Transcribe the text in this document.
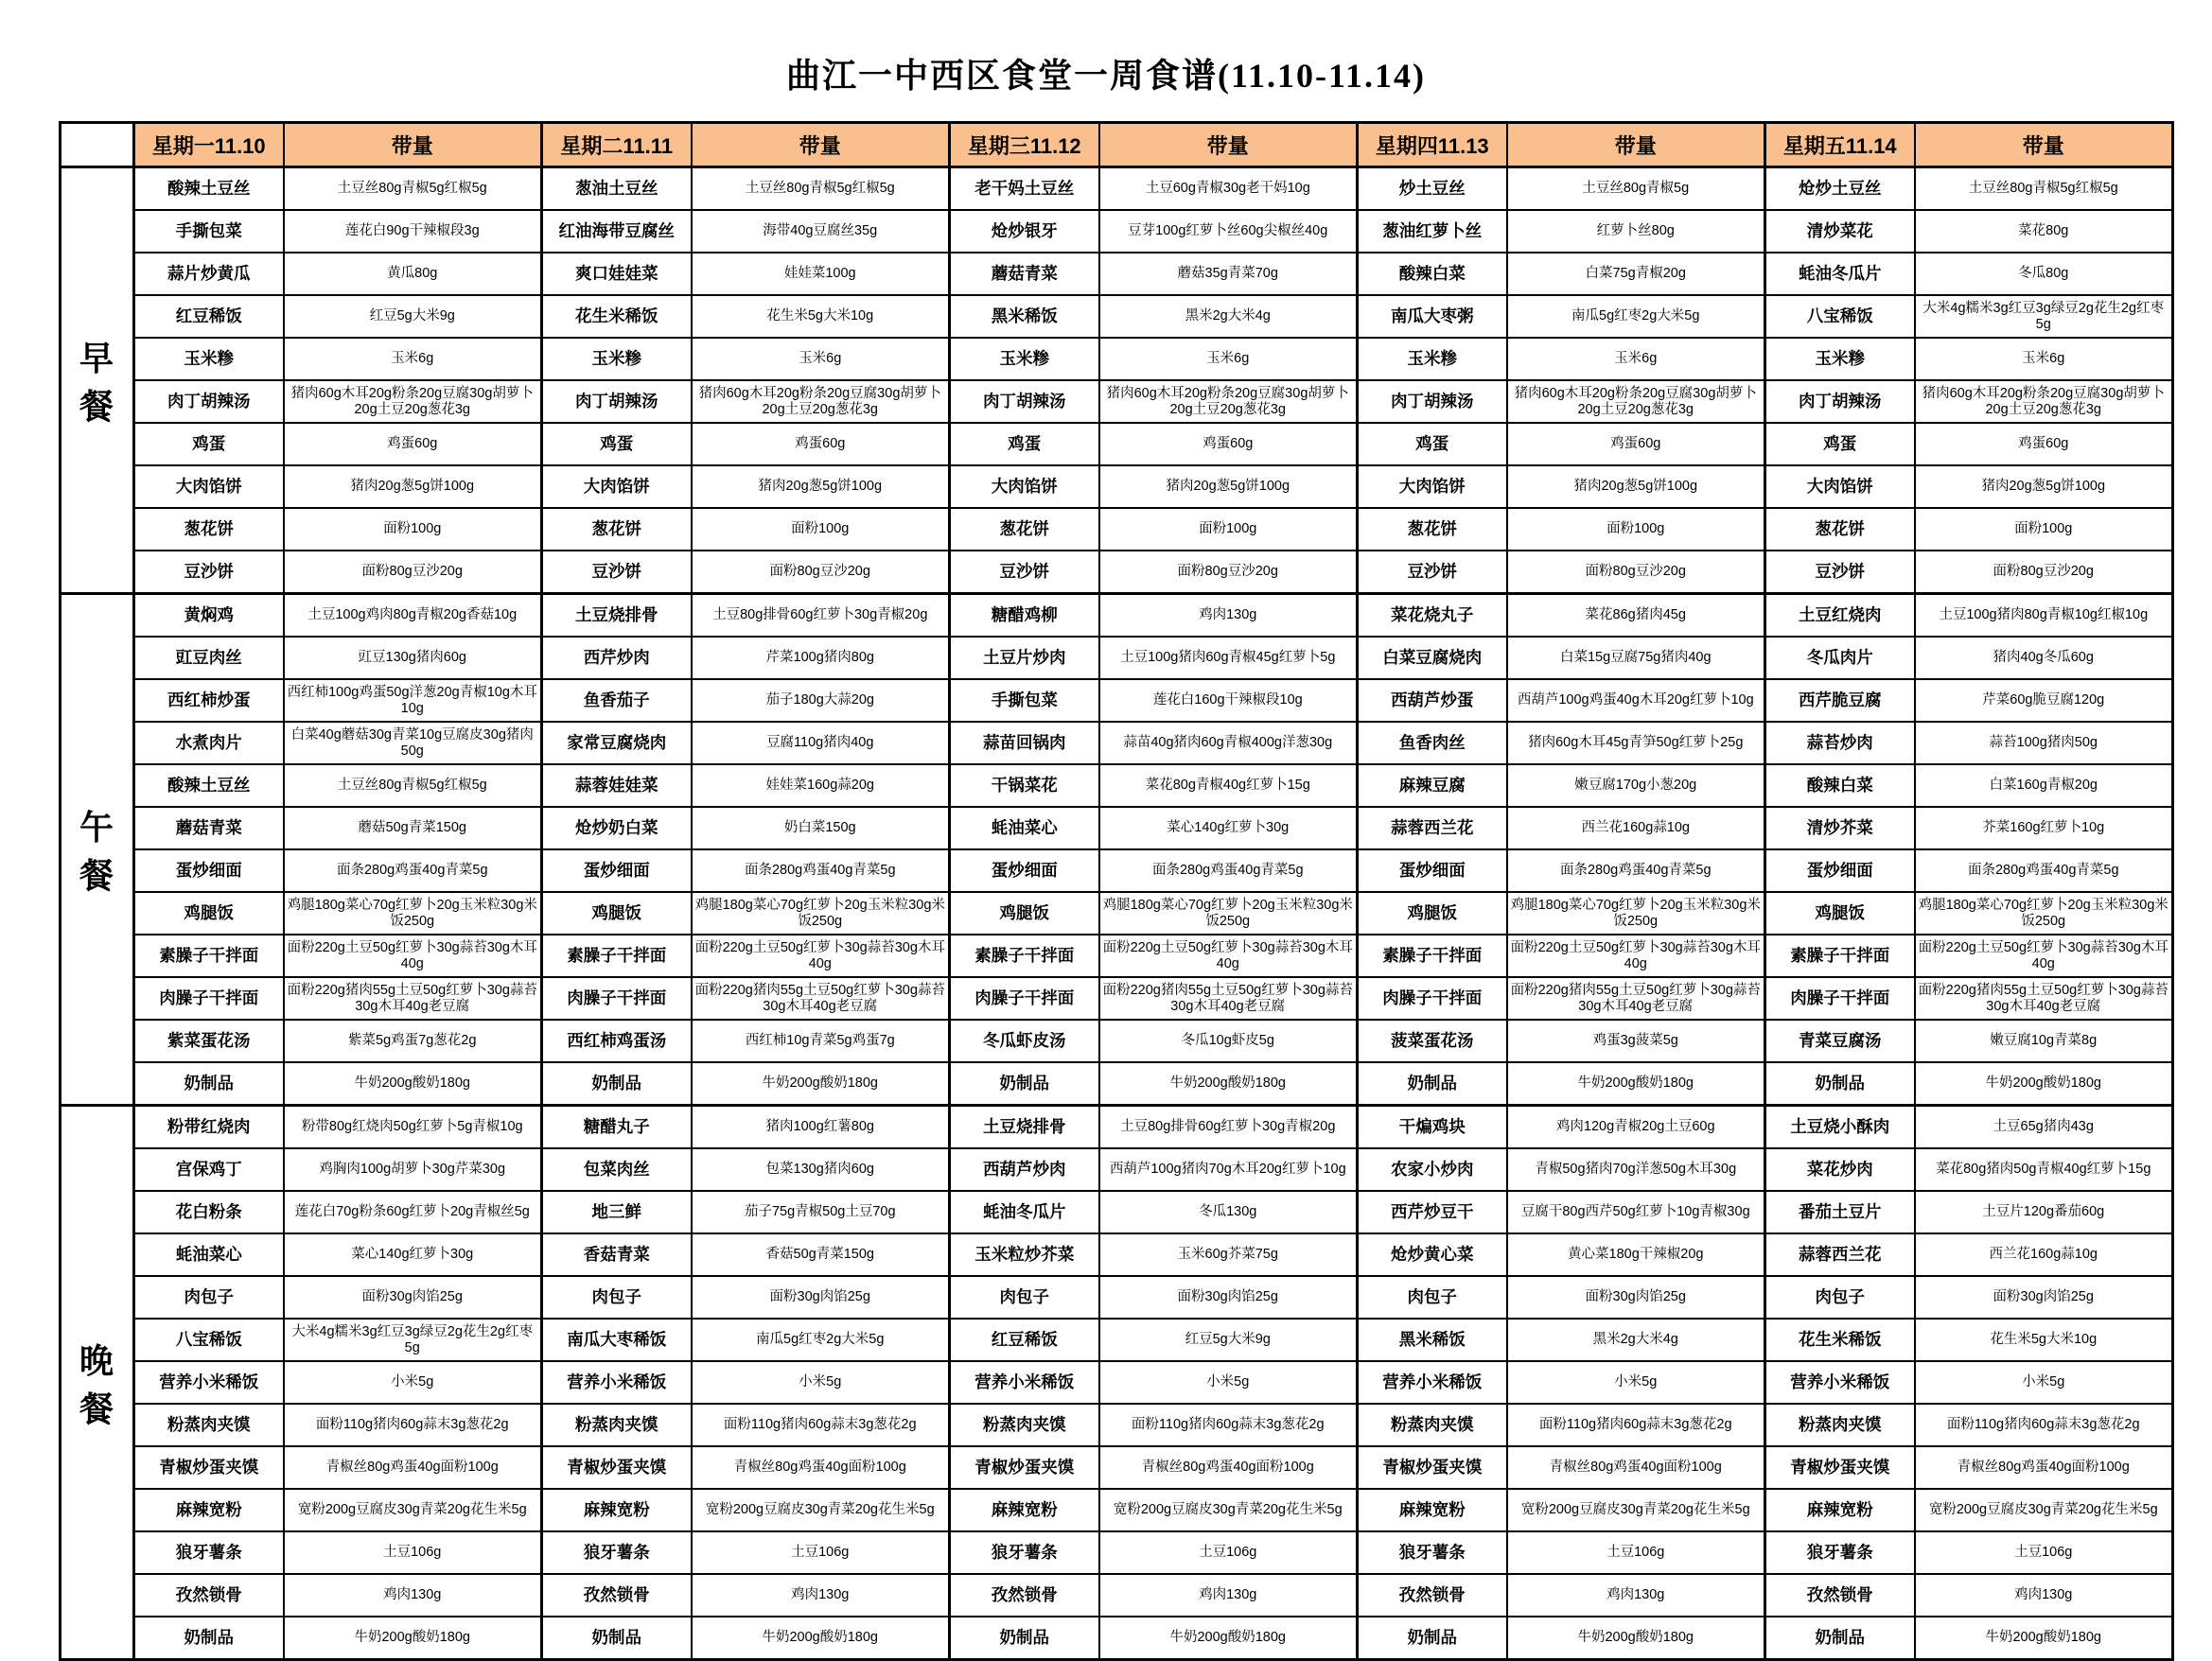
曲江一中西区食堂一周食谱(11.10-11.14)
	星期一11.10	带量	星期二11.11	带量	星期三11.12	带量	星期四11.13	带量	星期五11.14	带量
早餐	酸辣土豆丝	土豆丝80g青椒5g红椒5g	葱油土豆丝	土豆丝80g青椒5g红椒5g	老干妈土豆丝	土豆60g青椒30g老干妈10g	炒土豆丝	土豆丝80g青椒5g	炝炒土豆丝	土豆丝80g青椒5g红椒5g
	手撕包菜	莲花白90g干辣椒段3g	红油海带豆腐丝	海带40g豆腐丝35g	炝炒银牙	豆芽100g红萝卜丝60g尖椒丝40g	葱油红萝卜丝	红萝卜丝80g	清炒菜花	菜花80g
	蒜片炒黄瓜	黄瓜80g	爽口娃娃菜	娃娃菜100g	蘑菇青菜	蘑菇35g青菜70g	酸辣白菜	白菜75g青椒20g	蚝油冬瓜片	冬瓜80g
	红豆稀饭	红豆5g大米9g	花生米稀饭	花生米5g大米10g	黑米稀饭	黑米2g大米4g	南瓜大枣粥	南瓜5g红枣2g大米5g	八宝稀饭	大米4g糯米3g红豆3g绿豆2g花生2g红枣5g
	玉米糁	玉米6g	玉米糁	玉米6g	玉米糁	玉米6g	玉米糁	玉米6g	玉米糁	玉米6g
	肉丁胡辣汤	猪肉60g木耳20g粉条20g豆腐30g胡萝卜20g土豆20g葱花3g	肉丁胡辣汤	猪肉60g木耳20g粉条20g豆腐30g胡萝卜20g土豆20g葱花3g	肉丁胡辣汤	猪肉60g木耳20g粉条20g豆腐30g胡萝卜20g土豆20g葱花3g	肉丁胡辣汤	猪肉60g木耳20g粉条20g豆腐30g胡萝卜20g土豆20g葱花3g	肉丁胡辣汤	猪肉60g木耳20g粉条20g豆腐30g胡萝卜20g土豆20g葱花3g
	鸡蛋	鸡蛋60g	鸡蛋	鸡蛋60g	鸡蛋	鸡蛋60g	鸡蛋	鸡蛋60g	鸡蛋	鸡蛋60g
	大肉馅饼	猪肉20g葱5g饼100g	大肉馅饼	猪肉20g葱5g饼100g	大肉馅饼	猪肉20g葱5g饼100g	大肉馅饼	猪肉20g葱5g饼100g	大肉馅饼	猪肉20g葱5g饼100g
	葱花饼	面粉100g	葱花饼	面粉100g	葱花饼	面粉100g	葱花饼	面粉100g	葱花饼	面粉100g
	豆沙饼	面粉80g豆沙20g	豆沙饼	面粉80g豆沙20g	豆沙饼	面粉80g豆沙20g	豆沙饼	面粉80g豆沙20g	豆沙饼	面粉80g豆沙20g
午餐	黄焖鸡	土豆100g鸡肉80g青椒20g香菇10g	土豆烧排骨	土豆80g排骨60g红萝卜30g青椒20g	糖醋鸡柳	鸡肉130g	菜花烧丸子	菜花86g猪肉45g	土豆红烧肉	土豆100g猪肉80g青椒10g红椒10g
	豇豆肉丝	豇豆130g猪肉60g	西芹炒肉	芹菜100g猪肉80g	土豆片炒肉	土豆100g猪肉60g青椒45g红萝卜5g	白菜豆腐烧肉	白菜15g豆腐75g猪肉40g	冬瓜肉片	猪肉40g冬瓜60g
	西红柿炒蛋	西红柿100g鸡蛋50g洋葱20g青椒10g木耳10g	鱼香茄子	茄子180g大蒜20g	手撕包菜	莲花白160g干辣椒段10g	西葫芦炒蛋	西葫芦100g鸡蛋40g木耳20g红萝卜10g	西芹脆豆腐	芹菜60g脆豆腐120g
	水煮肉片	白菜40g蘑菇30g青菜10g豆腐皮30g猪肉50g	家常豆腐烧肉	豆腐110g猪肉40g	蒜苗回锅肉	蒜苗40g猪肉60g青椒400g洋葱30g	鱼香肉丝	猪肉60g木耳45g青笋50g红萝卜25g	蒜苔炒肉	蒜苔100g猪肉50g
	酸辣土豆丝	土豆丝80g青椒5g红椒5g	蒜蓉娃娃菜	娃娃菜160g蒜20g	干锅菜花	菜花80g青椒40g红萝卜15g	麻辣豆腐	嫩豆腐170g小葱20g	酸辣白菜	白菜160g青椒20g
	蘑菇青菜	蘑菇50g青菜150g	炝炒奶白菜	奶白菜150g	蚝油菜心	菜心140g红萝卜30g	蒜蓉西兰花	西兰花160g蒜10g	清炒芥菜	芥菜160g红萝卜10g
	蛋炒细面	面条280g鸡蛋40g青菜5g	蛋炒细面	面条280g鸡蛋40g青菜5g	蛋炒细面	面条280g鸡蛋40g青菜5g	蛋炒细面	面条280g鸡蛋40g青菜5g	蛋炒细面	面条280g鸡蛋40g青菜5g
	鸡腿饭	鸡腿180g菜心70g红萝卜20g玉米粒30g米饭250g	鸡腿饭	鸡腿180g菜心70g红萝卜20g玉米粒30g米饭250g	鸡腿饭	鸡腿180g菜心70g红萝卜20g玉米粒30g米饭250g	鸡腿饭	鸡腿180g菜心70g红萝卜20g玉米粒30g米饭250g	鸡腿饭	鸡腿180g菜心70g红萝卜20g玉米粒30g米饭250g
	素臊子干拌面	面粉220g土豆50g红萝卜30g蒜苔30g木耳40g	素臊子干拌面	面粉220g土豆50g红萝卜30g蒜苔30g木耳40g	素臊子干拌面	面粉220g土豆50g红萝卜30g蒜苔30g木耳40g	素臊子干拌面	面粉220g土豆50g红萝卜30g蒜苔30g木耳40g	素臊子干拌面	面粉220g土豆50g红萝卜30g蒜苔30g木耳40g
	肉臊子干拌面	面粉220g猪肉55g土豆50g红萝卜30g蒜苔30g木耳40g老豆腐	肉臊子干拌面	面粉220g猪肉55g土豆50g红萝卜30g蒜苔30g木耳40g老豆腐	肉臊子干拌面	面粉220g猪肉55g土豆50g红萝卜30g蒜苔30g木耳40g老豆腐	肉臊子干拌面	面粉220g猪肉55g土豆50g红萝卜30g蒜苔30g木耳40g老豆腐	肉臊子干拌面	面粉220g猪肉55g土豆50g红萝卜30g蒜苔30g木耳40g老豆腐
	紫菜蛋花汤	紫菜5g鸡蛋7g葱花2g	西红柿鸡蛋汤	西红柿10g青菜5g鸡蛋7g	冬瓜虾皮汤	冬瓜10g虾皮5g	菠菜蛋花汤	鸡蛋3g菠菜5g	青菜豆腐汤	嫩豆腐10g青菜8g
	奶制品	牛奶200g酸奶180g	奶制品	牛奶200g酸奶180g	奶制品	牛奶200g酸奶180g	奶制品	牛奶200g酸奶180g	奶制品	牛奶200g酸奶180g
晚餐	粉带红烧肉	粉带80g红烧肉50g红萝卜5g青椒10g	糖醋丸子	猪肉100g红薯80g	土豆烧排骨	土豆80g排骨60g红萝卜30g青椒20g	干煸鸡块	鸡肉120g青椒20g土豆60g	土豆烧小酥肉	土豆65g猪肉43g
	宫保鸡丁	鸡胸肉100g胡萝卜30g芹菜30g	包菜肉丝	包菜130g猪肉60g	西葫芦炒肉	西葫芦100g猪肉70g木耳20g红萝卜10g	农家小炒肉	青椒50g猪肉70g洋葱50g木耳30g	菜花炒肉	菜花80g猪肉50g青椒40g红萝卜15g
	花白粉条	莲花白70g粉条60g红萝卜20g青椒丝5g	地三鲜	茄子75g青椒50g土豆70g	蚝油冬瓜片	冬瓜130g	西芹炒豆干	豆腐干80g西芹50g红萝卜10g青椒30g	番茄土豆片	土豆片120g番茄60g
	蚝油菜心	菜心140g红萝卜30g	香菇青菜	香菇50g青菜150g	玉米粒炒芥菜	玉米60g芥菜75g	炝炒黄心菜	黄心菜180g干辣椒20g	蒜蓉西兰花	西兰花160g蒜10g
	肉包子	面粉30g肉馅25g	肉包子	面粉30g肉馅25g	肉包子	面粉30g肉馅25g	肉包子	面粉30g肉馅25g	肉包子	面粉30g肉馅25g
	八宝稀饭	大米4g糯米3g红豆3g绿豆2g花生2g红枣5g	南瓜大枣稀饭	南瓜5g红枣2g大米5g	红豆稀饭	红豆5g大米9g	黑米稀饭	黑米2g大米4g	花生米稀饭	花生米5g大米10g
	营养小米稀饭	小米5g	营养小米稀饭	小米5g	营养小米稀饭	小米5g	营养小米稀饭	小米5g	营养小米稀饭	小米5g
	粉蒸肉夹馍	面粉110g猪肉60g蒜末3g葱花2g	粉蒸肉夹馍	面粉110g猪肉60g蒜末3g葱花2g	粉蒸肉夹馍	面粉110g猪肉60g蒜末3g葱花2g	粉蒸肉夹馍	面粉110g猪肉60g蒜末3g葱花2g	粉蒸肉夹馍	面粉110g猪肉60g蒜末3g葱花2g
	青椒炒蛋夹馍	青椒丝80g鸡蛋40g面粉100g	青椒炒蛋夹馍	青椒丝80g鸡蛋40g面粉100g	青椒炒蛋夹馍	青椒丝80g鸡蛋40g面粉100g	青椒炒蛋夹馍	青椒丝80g鸡蛋40g面粉100g	青椒炒蛋夹馍	青椒丝80g鸡蛋40g面粉100g
	麻辣宽粉	宽粉200g豆腐皮30g青菜20g花生米5g	麻辣宽粉	宽粉200g豆腐皮30g青菜20g花生米5g	麻辣宽粉	宽粉200g豆腐皮30g青菜20g花生米5g	麻辣宽粉	宽粉200g豆腐皮30g青菜20g花生米5g	麻辣宽粉	宽粉200g豆腐皮30g青菜20g花生米5g
	狼牙薯条	土豆106g	狼牙薯条	土豆106g	狼牙薯条	土豆106g	狼牙薯条	土豆106g	狼牙薯条	土豆106g
	孜然锁骨	鸡肉130g	孜然锁骨	鸡肉130g	孜然锁骨	鸡肉130g	孜然锁骨	鸡肉130g	孜然锁骨	鸡肉130g
	奶制品	牛奶200g酸奶180g	奶制品	牛奶200g酸奶180g	奶制品	牛奶200g酸奶180g	奶制品	牛奶200g酸奶180g	奶制品	牛奶200g酸奶180g
